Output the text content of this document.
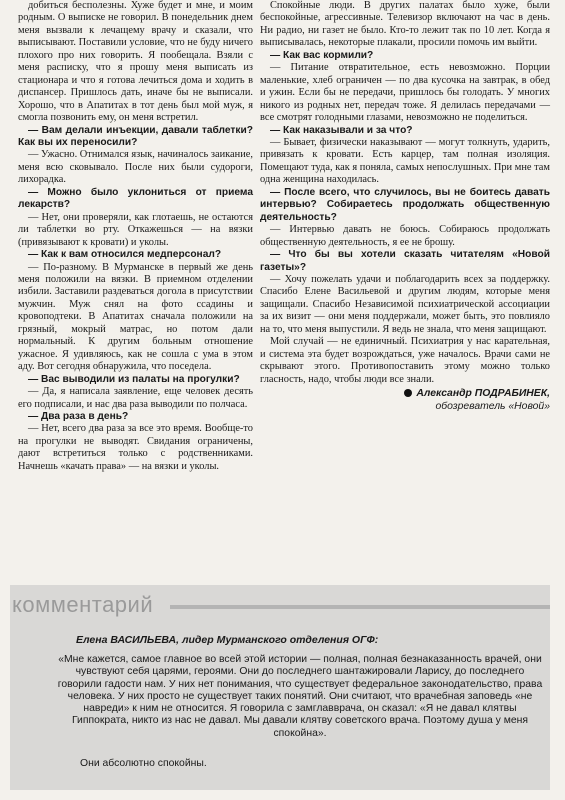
добиться бесполезны. Хуже будет и мне, и моим родным. О выписке не говорил. В понедельник днем меня вызвали к лечащему врачу и сказали, что выписывают. Поставили условие, что не буду ничего плохого про них говорить. Я пообещала. Взяли с меня расписку, что я прошу меня выписать из стационара и что я готова лечиться дома и ходить в диспансер. Пришлось дать, иначе бы не выписали. Хорошо, что в Апатитах в тот день был мой муж, я смогла позвонить ему, он меня встретил.

— Вам делали инъекции, давали таблетки? Как вы их переносили?

— Ужасно. Отнимался язык, начиналось заикание, меня всю сковывало. После них были судороги, лихорадка.

— Можно было уклониться от приема лекарств?

— Нет, они проверяли, как глотаешь, не остаются ли таблетки во рту. Откажешься — на вязки (привязывают к кровати) и уколы.

— Как к вам относился медперсонал?

— По-разному. В Мурманске в первый же день меня положили на вязки. В приемном отделении избили. Заставили раздеваться догола в присутствии мужчин. Муж снял на фото ссадины и кровоподтеки. В Апатитах сначала положили на грязный, мокрый матрас, но потом дали нормальный. К другим больным отношение ужасное. Я удивляюсь, как не сошла с ума в этом аду. Вот сегодня обнаружила, что поседела.

— Вас выводили из палаты на прогулки?

— Да, я написала заявление, еще человек десять его подписали, и нас два раза выводили по полчаса.

— Два раза в день?

— Нет, всего два раза за все это время. Вообще-то на прогулки не выводят. Свидания ограничены, дают встретиться только с родственниками. Начнешь «качать права» — на вязки и уколы.

Спокойные люди. В других палатах было хуже, были беспокойные, агрессивные. Телевизор включают на час в день. Ни радио, ни газет не было. Кто-то лежит так по 10 лет. Когда я выписывалась, некоторые плакали, просили помочь им выйти.

— Как вас кормили?

— Питание отвратительное, есть невозможно. Порции маленькие, хлеб ограничен — по два кусочка на завтрак, в обед и ужин. Если бы не передачи, пришлось бы голодать. У многих никого из родных нет, передач тоже. Я делилась передачами — все смотрят голодными глазами, невозможно не поделиться.

— Как наказывали и за что?

— Бывает, физически наказывают — могут толкнуть, ударить, привязать к кровати. Есть карцер, там полная изоляция. Помещают туда, как я поняла, самых непослушных. При мне там одна женщина находилась.

— После всего, что случилось, вы не боитесь давать интервью? Собираетесь продолжать общественную деятельность?

— Интервью давать не боюсь. Собираюсь продолжать общественную деятельность, я ее не брошу.

— Что бы вы хотели сказать читателям «Новой газеты»?

— Хочу пожелать удачи и поблагодарить всех за поддержку. Спасибо Елене Васильевой и другим людям, которые меня защищали. Спасибо Независимой психиатрической ассоциации за их визит — они меня поддержали, может быть, это повлияло на то, что меня выпустили. Я ведь не знала, что меня защищают.

Мой случай — не единичный. Психиатрия у нас карательная, и система эта будет возрождаться, уже началось. Врачи сами не скрывают этого. Противопоставить этому можно только гласность, надо, чтобы люди все знали.

Александр ПОДРАБИНЕК,
обозреватель «Новой»

комментарий
Елена ВАСИЛЬЕВА, лидер Мурманского отделения ОГФ:

«Мне кажется, самое главное во всей этой истории — полная, полная безнаказанность врачей, они чувствуют себя царями, героями. Они до последнего шантажировали Ларису, до последнего говорили гадости нам. У них нет понимания, что существует федеральное законодательство, права человека. У них просто не существует таких понятий. Они считают, что врачебная заповедь «не навреди» к ним не относится. Я говорила с замглавврача, он сказал: «Я не давал клятвы Гиппократа, никто из нас не давал. Мы давали клятву советского врача. Поэтому душа у меня спокойна».

Они абсолютно спокойны.
